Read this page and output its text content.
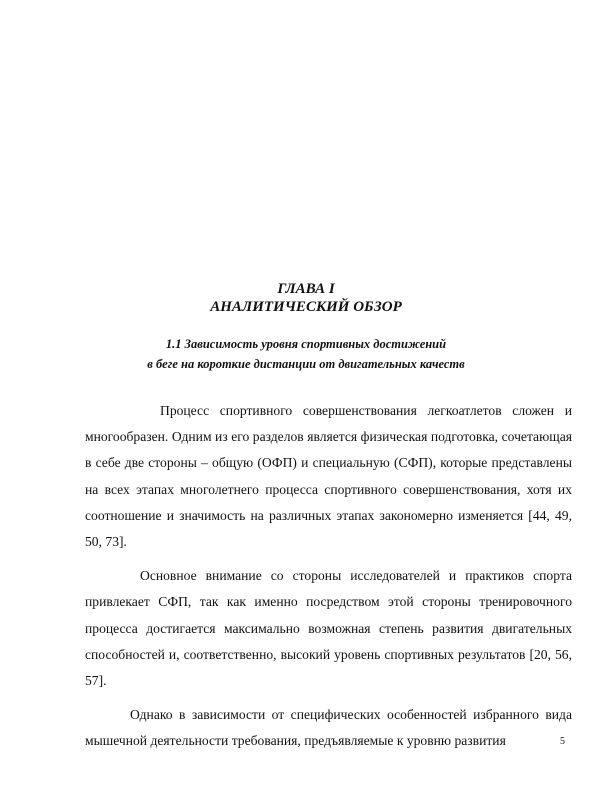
ГЛАВА I
АНАЛИТИЧЕСКИЙ ОБЗОР
1.1 Зависимость уровня спортивных достижений
в беге на короткие дистанции от двигательных качеств

Процесс спортивного совершенствования легкоатлетов сложен и многообразен. Одним из его разделов является физическая подготовка, сочетающая в себе две стороны – общую (ОФП) и специальную (СФП), которые представлены на всех этапах многолетнего процесса спортивного совершенствования, хотя их соотношение и значимость на различных этапах закономерно изменяется [44, 49, 50, 73].

Основное внимание со стороны исследователей и практиков спорта привлекает СФП, так как именно посредством этой стороны тренировочного процесса достигается максимально возможная степень развития двигательных способностей и, соответственно, высокий уровень спортивных результатов [20, 56, 57].

Однако в зависимости от специфических особенностей избранного вида мышечной деятельности требования, предъявляемые к уровню развития	5
